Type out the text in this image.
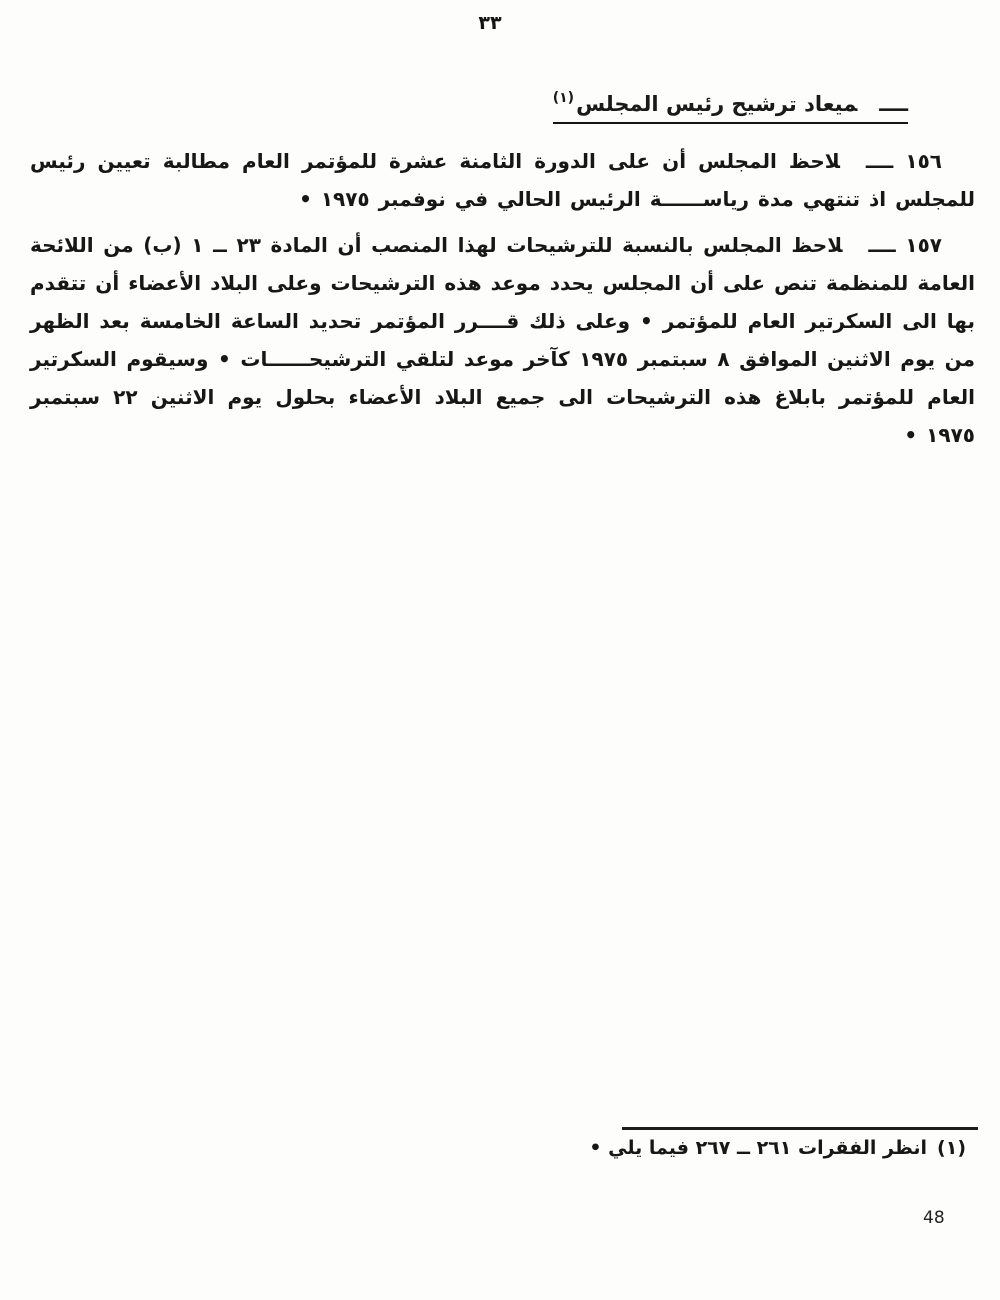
٣٣
ــــميعاد ترشيح رئيس المجلس$^{(١)}$

١٥٦ ــــلاحظ المجلس أن على الدورة الثامنة عشرة للمؤتمر العام مطالبة تعيين رئيس للمجلس اذ تنتهي مدة رياســــــة الرئيس الحالي في نوفمبر ١٩٧٥ •

١٥٧ ــــلاحظ المجلس بالنسبة للترشيحات لهذا المنصب أن المادة ٢٣ ــ ١ (ب) من اللائحة العامة للمنظمة تنص على أن المجلس يحدد موعد هذه الترشيحات وعلى البلاد الأعضاء أن تتقدم بها الى السكرتير العام للمؤتمر • وعلى ذلك قــــرر المؤتمر تحديد الساعة الخامسة بعد الظهر من يوم الاثنين الموافق ٨ سبتمبر ١٩٧٥ كآخر موعد لتلقي الترشيحــــــات • وسيقوم السكرتير العام للمؤتمر بابلاغ هذه الترشيحات الى جميع البلاد الأعضاء بحلول يوم الاثنين ٢٢ سبتمبر ١٩٧٥ •

(١)انظر الفقرات ٢٦١ ــ ٢٦٧ فيما يلي •
48
